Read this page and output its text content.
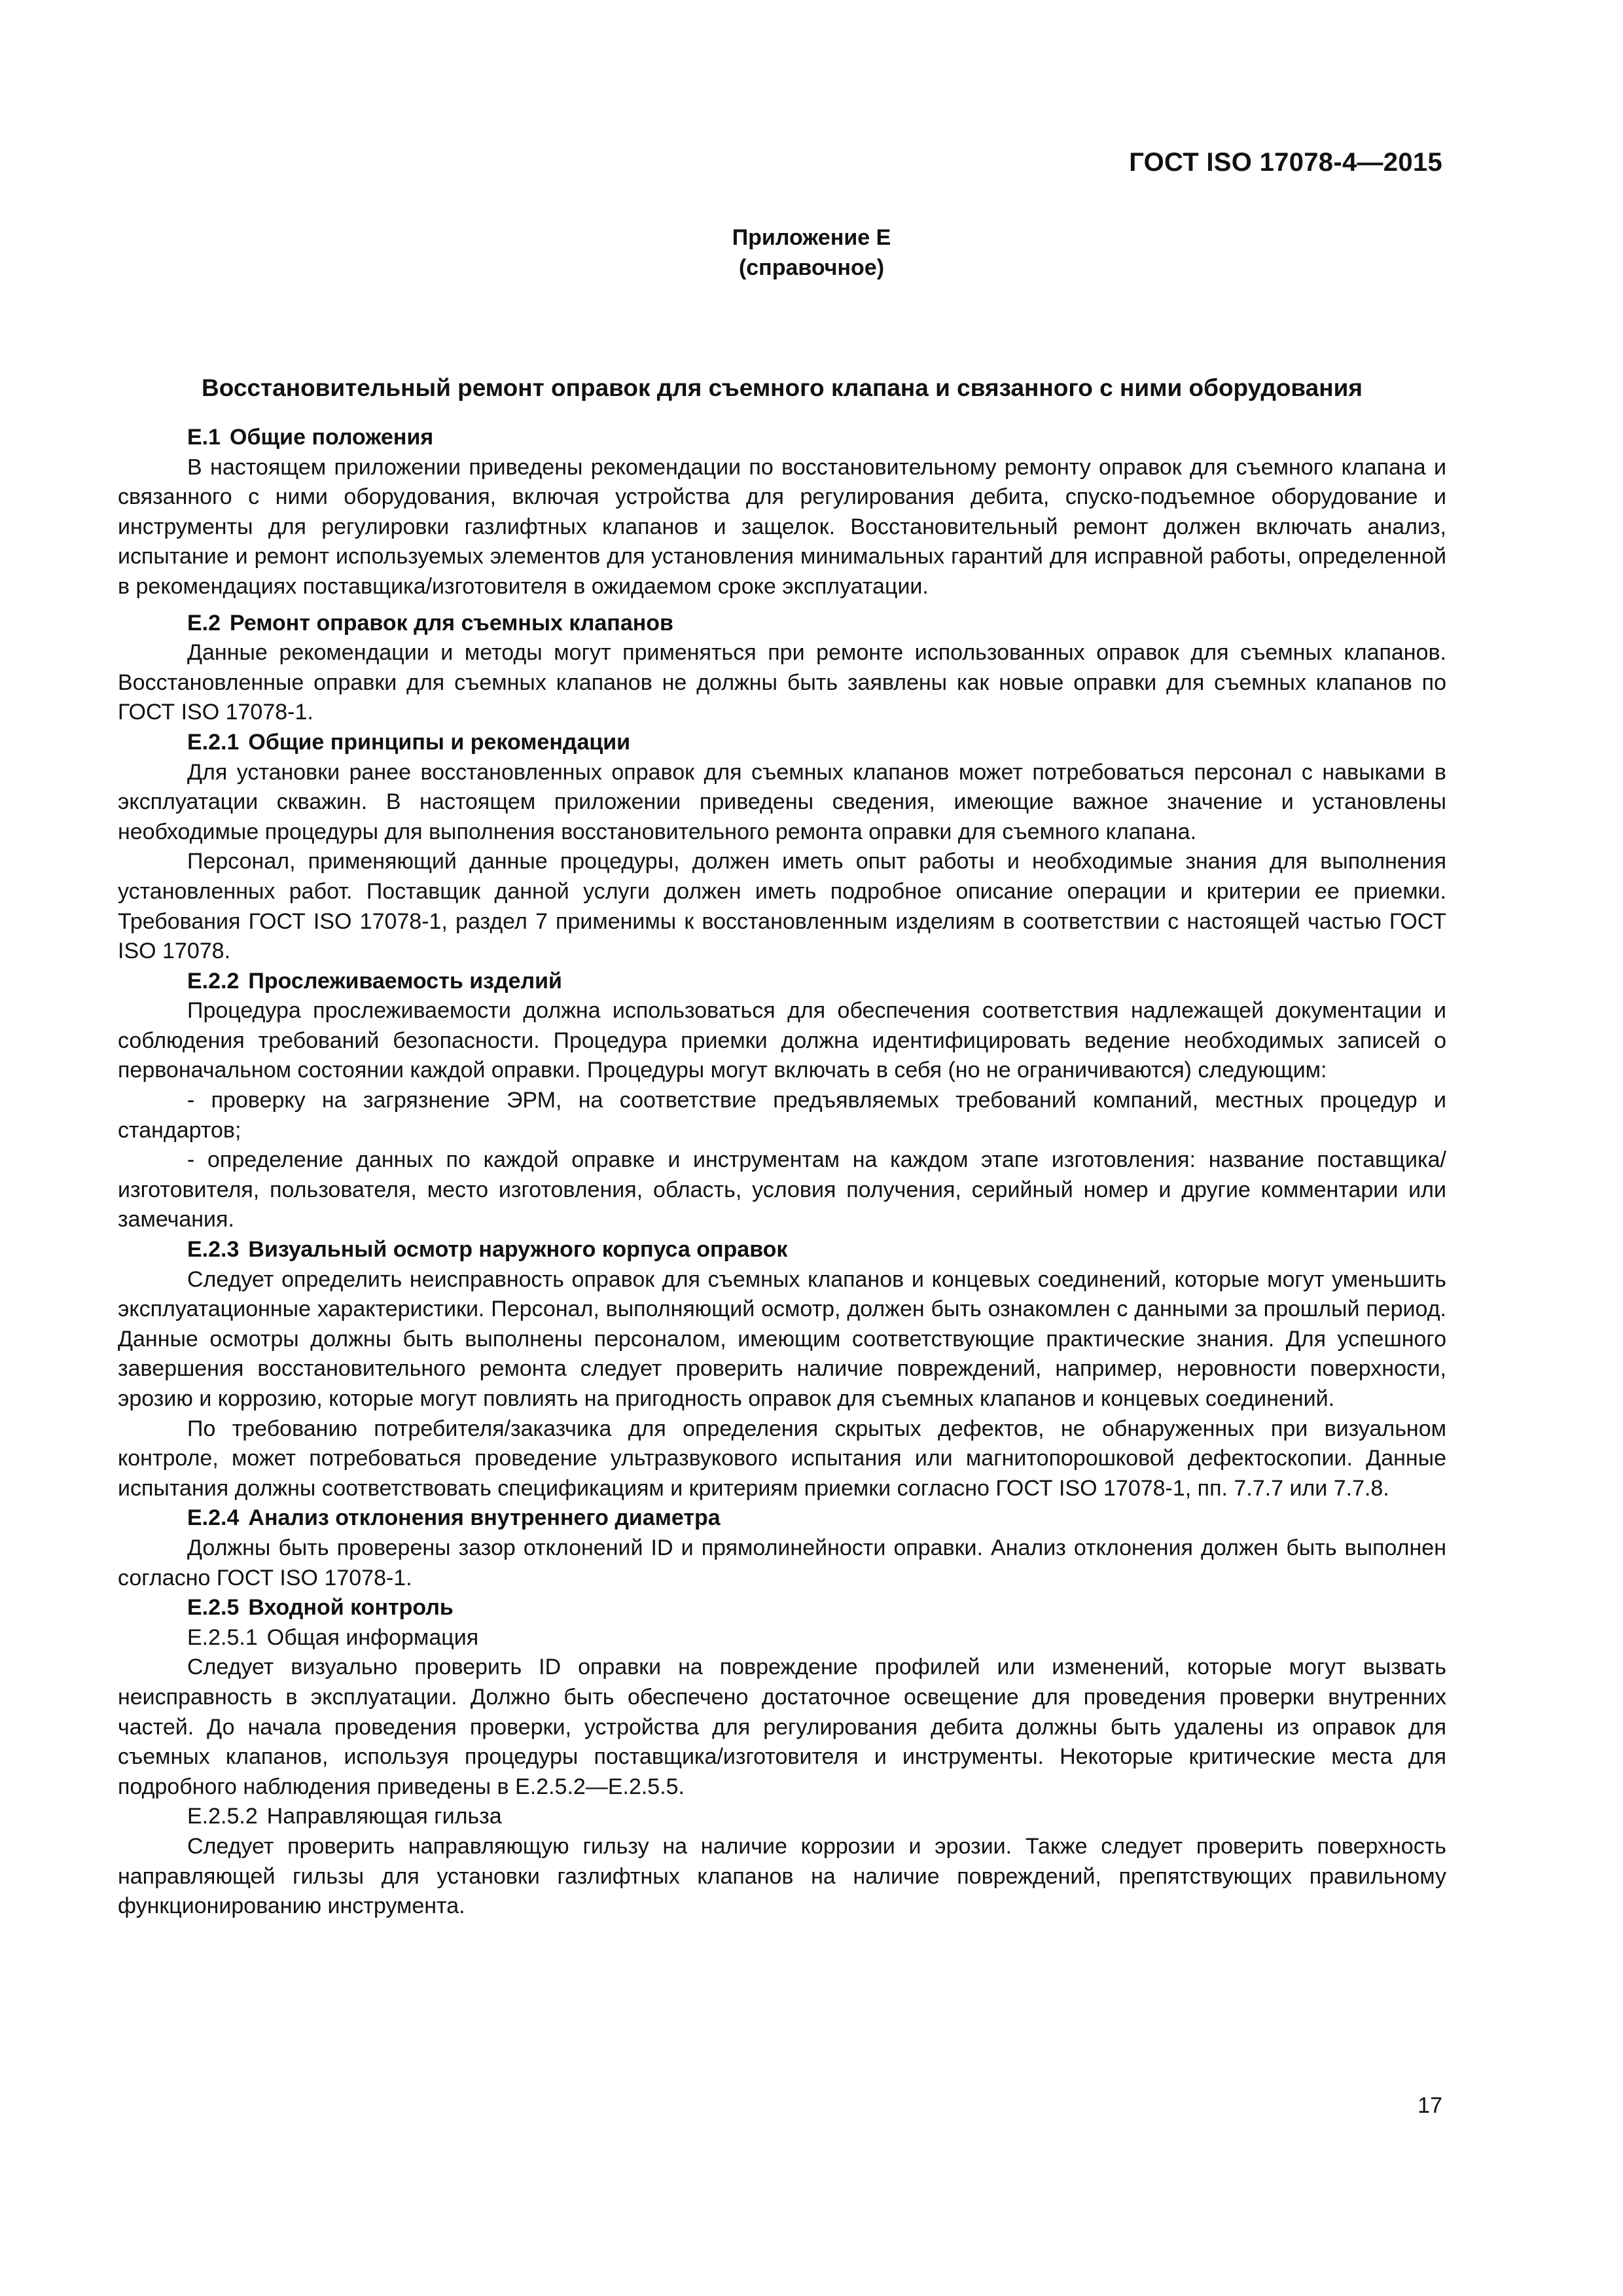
ГОСТ ISO 17078-4—2015
Приложение Е
(справочное)
Восстановительный ремонт оправок для съемного клапана и связанного с ними оборудования
Е.1 Общие положения

В настоящем приложении приведены рекомендации по восстановительному ремонту оправок для съемного клапана и связанного с ними оборудования, включая устройства для регулирования дебита, спуско-подъемное оборудование и инструменты для регулировки газлифтных клапанов и защелок. Восстановительный ремонт должен включать анализ, испытание и ремонт используемых элементов для установления минимальных гарантий для исправной работы, определенной в рекомендациях поставщика/изготовителя в ожидаемом сроке эксплуатации.

Е.2 Ремонт оправок для съемных клапанов

Данные рекомендации и методы могут применяться при ремонте использованных оправок для съемных клапанов. Восстановленные оправки для съемных клапанов не должны быть заявлены как новые оправки для съемных клапанов по ГОСТ ISO 17078-1.

Е.2.1 Общие принципы и рекомендации

Для установки ранее восстановленных оправок для съемных клапанов может потребоваться персонал с навыками в эксплуатации скважин. В настоящем приложении приведены сведения, имеющие важное значение и установлены необходимые процедуры для выполнения восстановительного ремонта оправки для съемного клапана.

Персонал, применяющий данные процедуры, должен иметь опыт работы и необходимые знания для выполнения установленных работ. Поставщик данной услуги должен иметь подробное описание операции и критерии ее приемки. Требования ГОСТ ISO 17078-1, раздел 7 применимы к восстановленным изделиям в соответствии с настоящей частью ГОСТ ISO 17078.

Е.2.2 Прослеживаемость изделий

Процедура прослеживаемости должна использоваться для обеспечения соответствия надлежащей документации и соблюдения требований безопасности. Процедура приемки должна идентифицировать ведение необходимых записей о первоначальном состоянии каждой оправки. Процедуры могут включать в себя (но не ограничиваются) следующим:

- проверку на загрязнение ЭРМ, на соответствие предъявляемых требований компаний, местных процедур и стандартов;

- определение данных по каждой оправке и инструментам на каждом этапе изготовления: название поставщика/изготовителя, пользователя, место изготовления, область, условия получения, серийный номер и другие комментарии или замечания.

Е.2.3 Визуальный осмотр наружного корпуса оправок

Следует определить неисправность оправок для съемных клапанов и концевых соединений, которые могут уменьшить эксплуатационные характеристики. Персонал, выполняющий осмотр, должен быть ознакомлен с данными за прошлый период. Данные осмотры должны быть выполнены персоналом, имеющим соответствующие практические знания. Для успешного завершения восстановительного ремонта следует проверить наличие повреждений, например, неровности поверхности, эрозию и коррозию, которые могут повлиять на пригодность оправок для съемных клапанов и концевых соединений.

По требованию потребителя/заказчика для определения скрытых дефектов, не обнаруженных при визуальном контроле, может потребоваться проведение ультразвукового испытания или магнитопорошковой дефектоскопии. Данные испытания должны соответствовать спецификациям и критериям приемки согласно ГОСТ ISO 17078-1, пп. 7.7.7 или 7.7.8.

Е.2.4 Анализ отклонения внутреннего диаметра

Должны быть проверены зазор отклонений ID и прямолинейности оправки. Анализ отклонения должен быть выполнен согласно ГОСТ ISO 17078-1.

Е.2.5 Входной контроль
Е.2.5.1 Общая информация

Следует визуально проверить ID оправки на повреждение профилей или изменений, которые могут вызвать неисправность в эксплуатации. Должно быть обеспечено достаточное освещение для проведения проверки внутренних частей. До начала проведения проверки, устройства для регулирования дебита должны быть удалены из оправок для съемных клапанов, используя процедуры поставщика/изготовителя и инструменты. Некоторые критические места для подробного наблюдения приведены в Е.2.5.2—Е.2.5.5.

Е.2.5.2 Направляющая гильза

Следует проверить направляющую гильзу на наличие коррозии и эрозии. Также следует проверить поверхность направляющей гильзы для установки газлифтных клапанов на наличие повреждений, препятствующих правильному функционированию инструмента.

17
